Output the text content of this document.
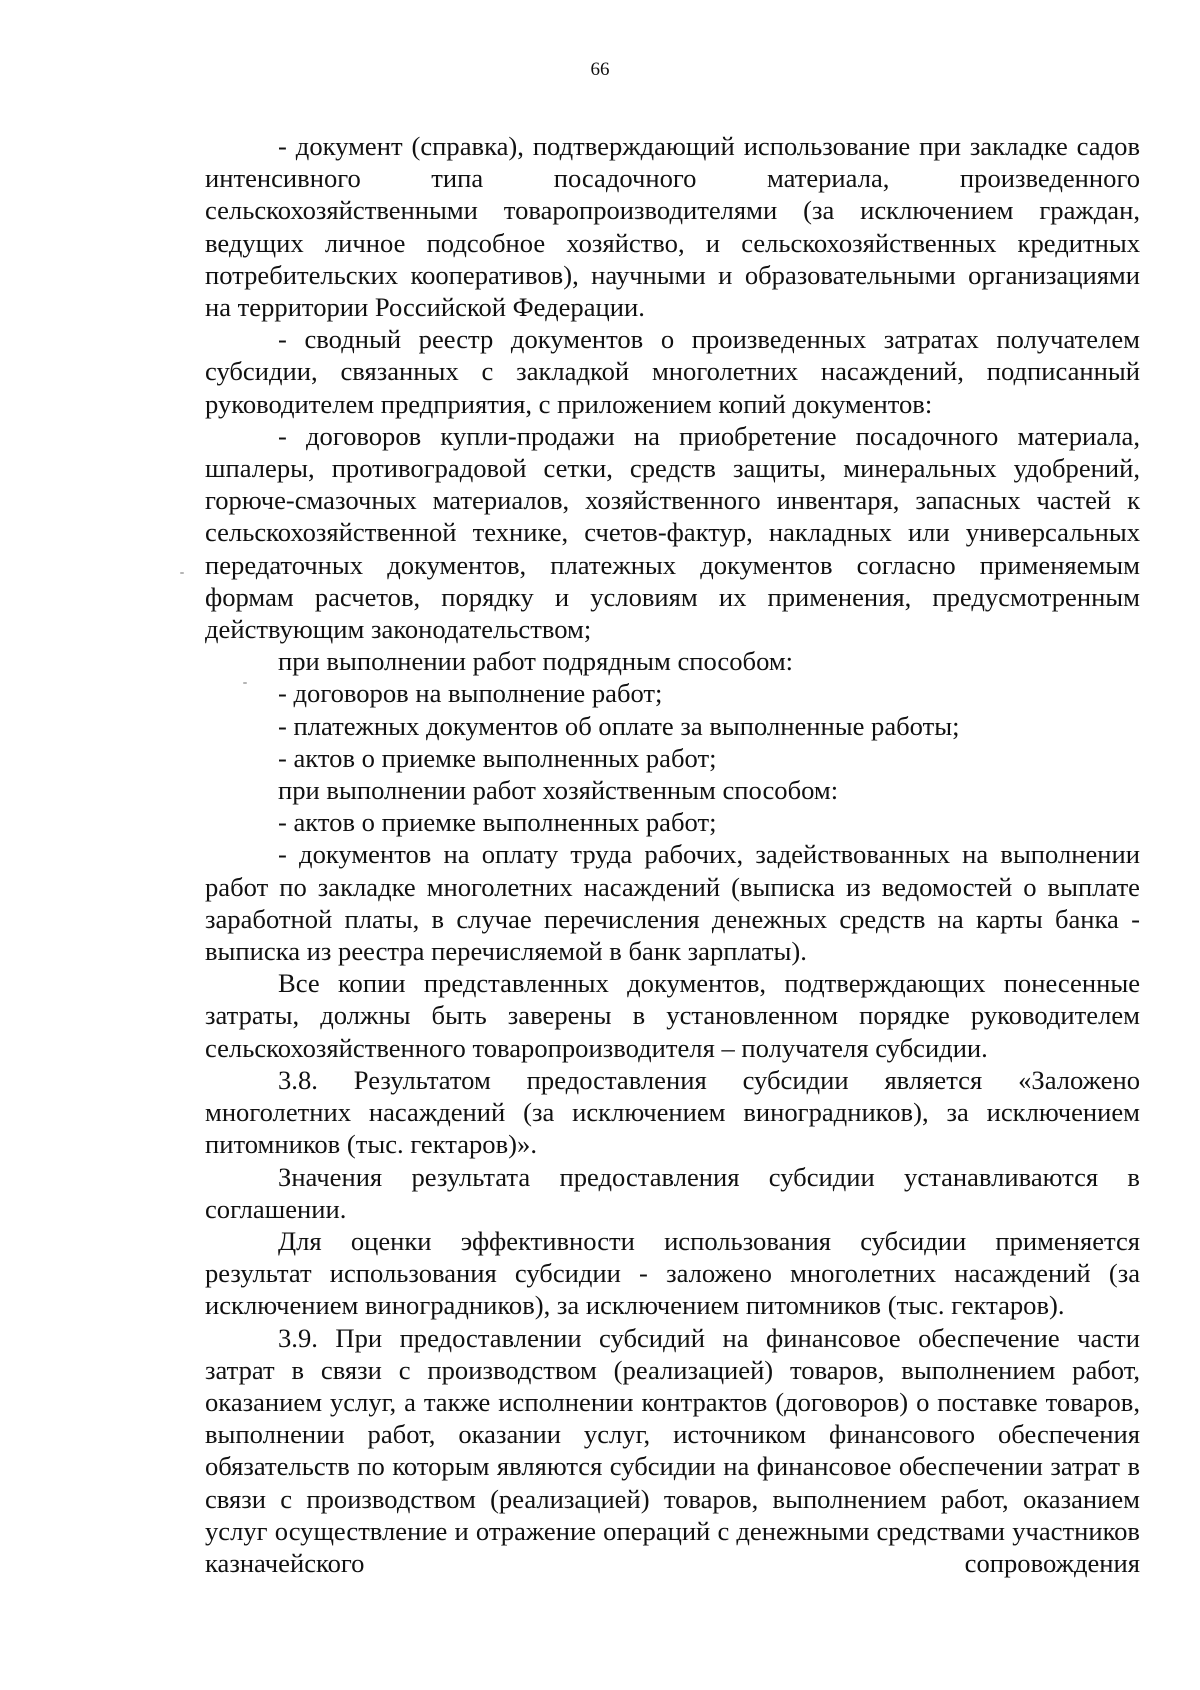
66

- документ (справка), подтверждающий использование при закладке садов интенсивного типа посадочного материала, произведенного сельскохозяйственными товаропроизводителями (за исключением граждан, ведущих личное подсобное хозяйство, и сельскохозяйственных кредитных потребительских кооперативов), научными и образовательными организациями на территории Российской Федерации.

- сводный реестр документов о произведенных затратах получателем субсидии, связанных с закладкой многолетних насаждений, подписанный руководителем предприятия, с приложением копий документов:

- договоров купли-продажи на приобретение посадочного материала, шпалеры, противоградовой сетки, средств защиты, минеральных удобрений, горюче-смазочных материалов, хозяйственного инвентаря, запасных частей к сельскохозяйственной технике, счетов-фактур, накладных или универсальных передаточных документов, платежных документов согласно применяемым формам расчетов, порядку и условиям их применения, предусмотренным действующим законодательством;

при выполнении работ подрядным способом:

- договоров на выполнение работ;

- платежных документов об оплате за выполненные работы;

- актов о приемке выполненных работ;

при выполнении работ хозяйственным способом:

- актов о приемке выполненных работ;

- документов на оплату труда рабочих, задействованных на выполнении работ по закладке многолетних насаждений (выписка из ведомостей о выплате заработной платы, в случае перечисления денежных средств на карты банка - выписка из реестра перечисляемой в банк зарплаты).

Все копии представленных документов, подтверждающих понесенные затраты, должны быть заверены в установленном порядке руководителем сельскохозяйственного товаропроизводителя – получателя субсидии.

3.8. Результатом предоставления субсидии является «Заложено многолетних насаждений (за исключением виноградников), за исключением питомников (тыс. гектаров)».

Значения результата предоставления субсидии устанавливаются в соглашении.

Для оценки эффективности использования субсидии применяется результат использования субсидии - заложено многолетних насаждений (за исключением виноградников), за исключением питомников (тыс. гектаров).

3.9. При предоставлении субсидий на финансовое обеспечение части затрат в связи с производством (реализацией) товаров, выполнением работ, оказанием услуг, а также исполнении контрактов (договоров) о поставке товаров, выполнении работ, оказании услуг, источником финансового обеспечения обязательств по которым являются субсидии на финансовое обеспечении затрат в связи с производством (реализацией) товаров, выполнением работ, оказанием услуг осуществление и отражение операций с денежными средствами участников казначейского сопровождения
